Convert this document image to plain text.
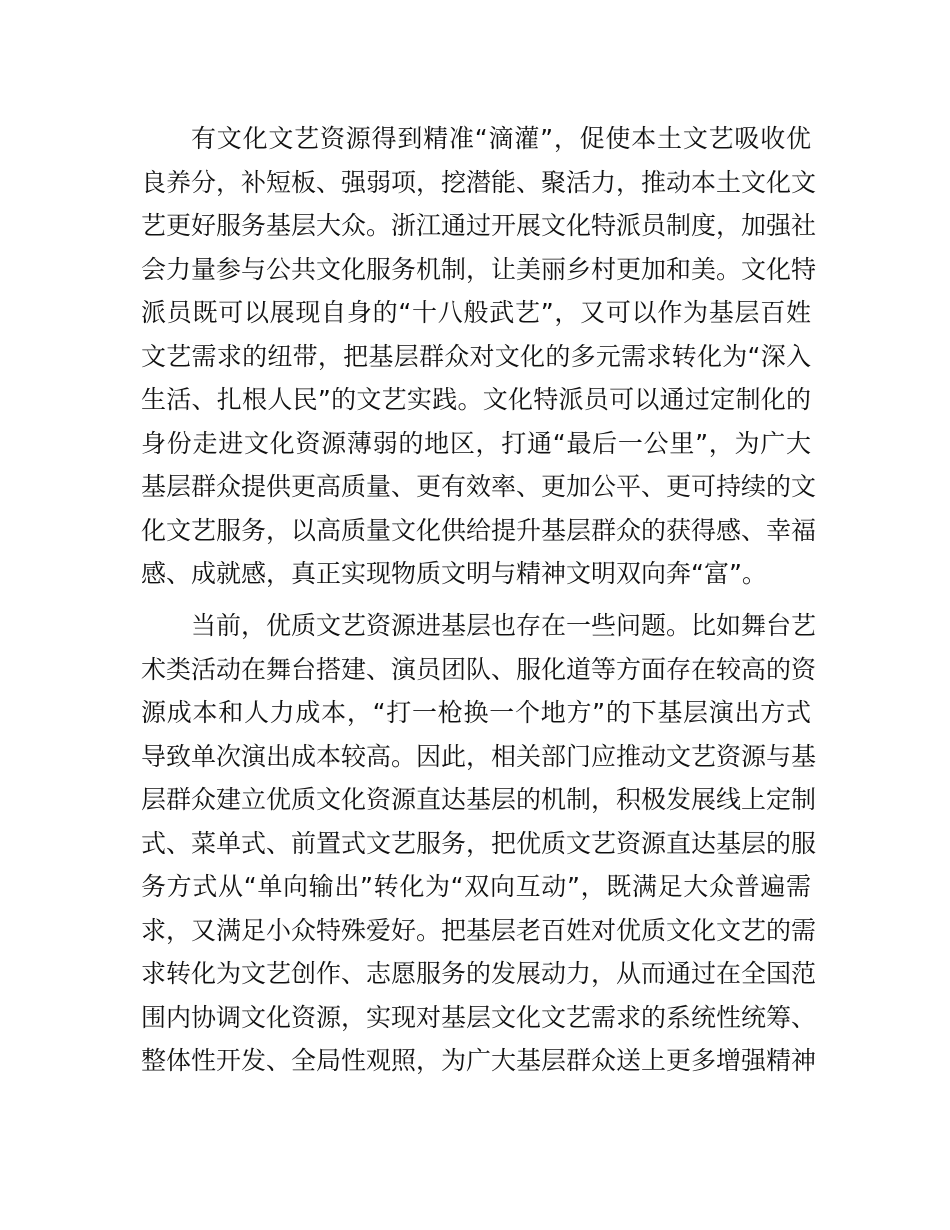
有文化文艺资源得到精准“滴灌”，促使本土文艺吸收优
良养分，补短板、强弱项，挖潜能、聚活力，推动本土文化文
艺更好服务基层大众。浙江通过开展文化特派员制度，加强社
会力量参与公共文化服务机制，让美丽乡村更加和美。文化特
派员既可以展现自身的“十八般武艺”，又可以作为基层百姓
文艺需求的纽带，把基层群众对文化的多元需求转化为“深入
生活、扎根人民”的文艺实践。文化特派员可以通过定制化的
身份走进文化资源薄弱的地区，打通“最后一公里”，为广大
基层群众提供更高质量、更有效率、更加公平、更可持续的文
化文艺服务，以高质量文化供给提升基层群众的获得感、幸福
感、成就感，真正实现物质文明与精神文明双向奔“富”。
当前，优质文艺资源进基层也存在一些问题。比如舞台艺
术类活动在舞台搭建、演员团队、服化道等方面存在较高的资
源成本和人力成本，“打一枪换一个地方”的下基层演出方式
导致单次演出成本较高。因此，相关部门应推动文艺资源与基
层群众建立优质文化资源直达基层的机制，积极发展线上定制
式、菜单式、前置式文艺服务，把优质文艺资源直达基层的服
务方式从“单向输出”转化为“双向互动”，既满足大众普遍需
求，又满足小众特殊爱好。把基层老百姓对优质文化文艺的需
求转化为文艺创作、志愿服务的发展动力，从而通过在全国范
围内协调文化资源，实现对基层文化文艺需求的系统性统筹、
整体性开发、全局性观照，为广大基层群众送上更多增强精神
